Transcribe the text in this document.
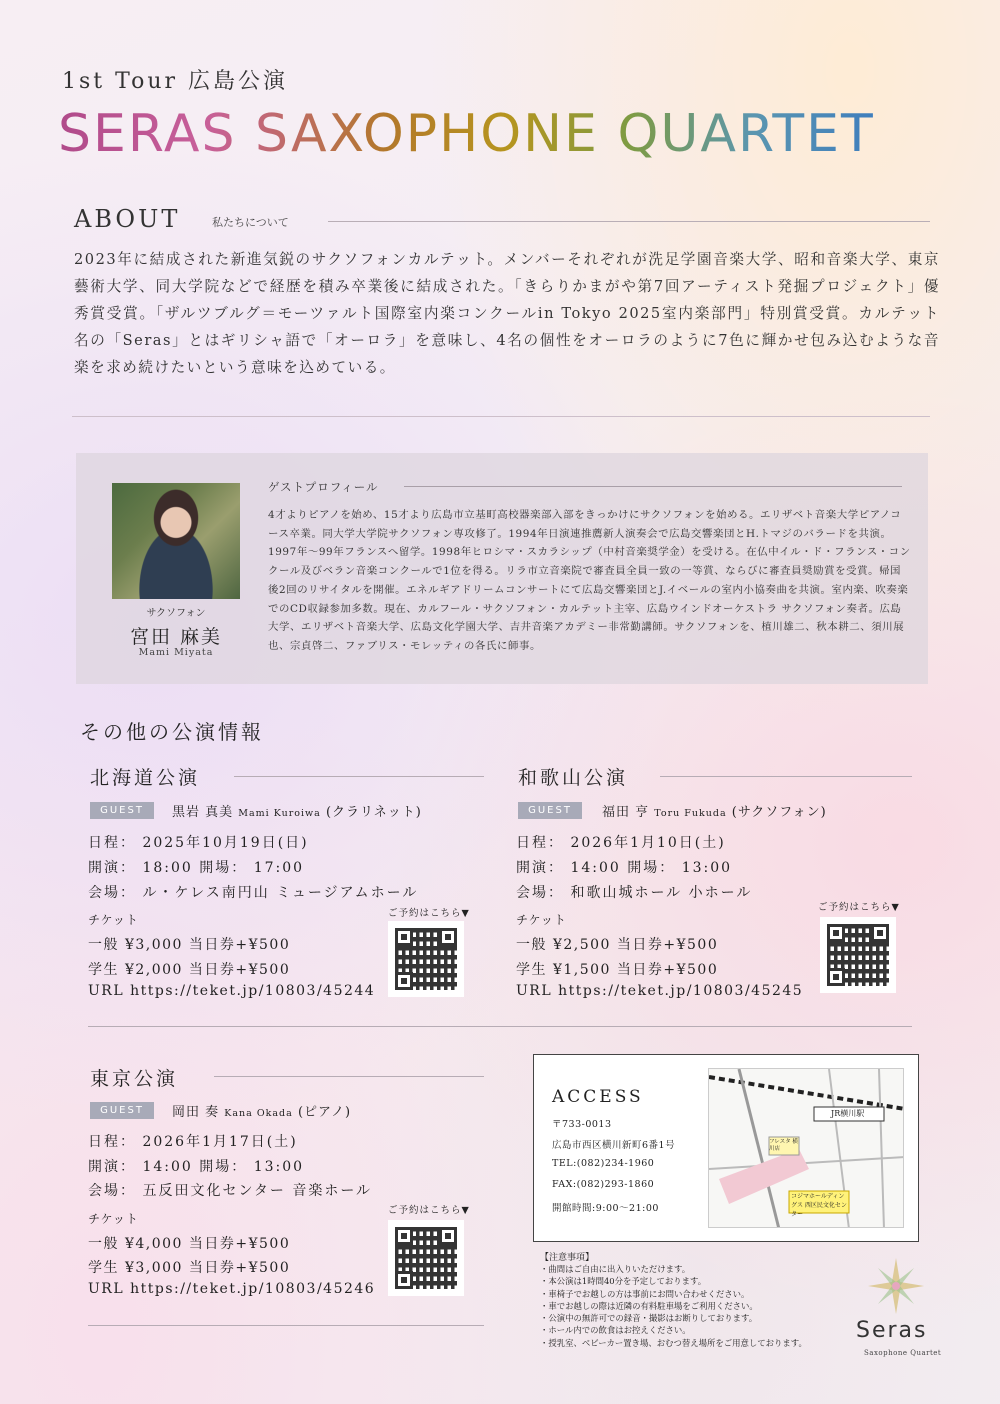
1st Tour 広島公演
SERAS SAXOPHONE QUARTET
ABOUT	私たちについて
2023年に結成された新進気鋭のサクソフォンカルテット。メンバーそれぞれが洗足学園音楽大学、昭和音楽大学、東京藝術大学、同大学院などで経歴を積み卒業後に結成された。「きらりかまがや第7回アーティスト発掘プロジェクト」優秀賞受賞。「ザルツブルグ＝モーツァルト国際室内楽コンクールin Tokyo 2025室内楽部門」特別賞受賞。カルテット名の「Seras」とはギリシャ語で「オーロラ」を意味し、4名の個性をオーロラのように7色に輝かせ包み込むような音楽を求め続けたいという意味を込めている。
サクソフォン
宮田 麻美
Mami Miyata
ゲストプロフィール
4才よりピアノを始め、15才より広島市立基町高校器楽部入部をきっかけにサクソフォンを始める。エリザベト音楽大学ピアノコース卒業。同大学大学院サクソフォン専攻修了。1994年日演連推薦新人演奏会で広島交響楽団とH.トマジのバラードを共演。1997年〜99年フランスへ留学。1998年ヒロシマ・スカラシップ（中村音楽奨学金）を受ける。在仏中イル・ド・フランス・コンクール及びベラン音楽コンクールで1位を得る。リラ市立音楽院で審査員全員一致の一等賞、ならびに審査員奨励賞を受賞。帰国後2回のリサイタルを開催。エネルギアドリームコンサートにて広島交響楽団とJ.イベールの室内小協奏曲を共演。室内楽、吹奏楽でのCD収録参加多数。現在、カルフール・サクソフォン・カルテット主宰、広島ウインドオーケストラ サクソフォン奏者。広島大学、エリザベト音楽大学、広島文化学園大学、吉井音楽アカデミー非常勤講師。サクソフォンを、植川雄二、秋本耕二、須川展也、宗貞啓二、ファブリス・モレッティの各氏に師事。
その他の公演情報
北海道公演
GUEST	黒岩 真美 Mami Kuroiwa (クラリネット)
日程： 2025年10月19日(日)
開演： 18:00 開場： 17:00
会場： ル・ケレス南円山 ミュージアムホール
チケット
一般 ¥3,000 当日券+¥500
学生 ¥2,000 当日券+¥500
URL https://teket.jp/10803/45244
ご予約はこちら▼
和歌山公演
GUEST	福田 亨 Toru Fukuda (サクソフォン)
日程： 2026年1月10日(土)
開演： 14:00 開場： 13:00
会場： 和歌山城ホール 小ホール
チケット
一般 ¥2,500 当日券+¥500
学生 ¥1,500 当日券+¥500
URL https://teket.jp/10803/45245
ご予約はこちら▼
東京公演
GUEST	岡田 奏 Kana Okada (ピアノ)
日程： 2026年1月17日(土)
開演： 14:00 開場： 13:00
会場： 五反田文化センター 音楽ホール
チケット
一般 ¥4,000 当日券+¥500
学生 ¥3,000 当日券+¥500
URL https://teket.jp/10803/45246
ご予約はこちら▼
ACCESS
〒733-0013
広島市西区横川新町6番1号
TEL:(082)234-1960
FAX:(082)293-1860
開館時間:9:00〜21:00
JR横川駅
フレスタ 横川店
コジマホールディングス 西区民文化センター
【注意事項】
・曲間はご自由に出入りいただけます。
・本公演は1時間40分を予定しております。
・車椅子でお越しの方は事前にお問い合わせください。
・車でお越しの際は近隣の有料駐車場をご利用ください。
・公演中の無許可での録音・撮影はお断りしております。
・ホール内での飲食はお控えください。
・授乳室、ベビーカー置き場、おむつ替え場所をご用意しております。	Seras
Saxophone Quartet
